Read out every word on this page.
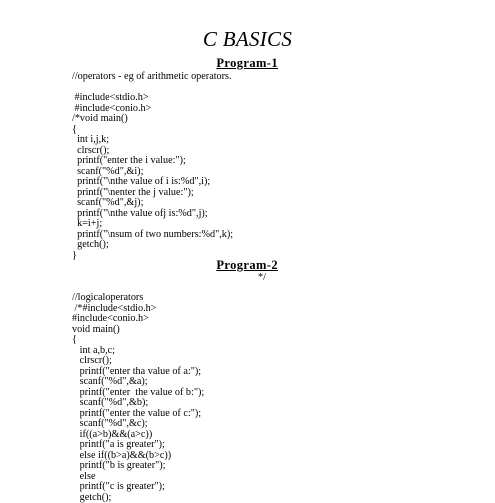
C BASICS
Program-1
//operators - eg of arithmetic operators.
#include<stdio.h>
#include<conio.h>
/*void main()
{
int i,j,k;
clrscr();
printf("enter the i value:");
scanf("%d",&i);
printf("\nthe value of i is:%d",i);
printf("\nenter the j value:");
scanf("%d",&j);
printf("\nthe value ofj is:%d",j);
k=i+j;
printf("\nsum of two numbers:%d",k);
getch();
}
Program-2
*/
//logicaloperators
/*#include<stdio.h>
#include<conio.h>
void main()
{
int a,b,c;
clrscr();
printf("enter tha value of a:");
scanf("%d",&a);
printf("enter  the value of b:");
scanf("%d",&b);
printf("enter the value of c:");
scanf("%d",&c);
if((a>b)&&(a>c))
printf("a is greater");
else if((b>a)&&(b>c))
printf("b is greater");
else
printf("c is greater");
getch();
